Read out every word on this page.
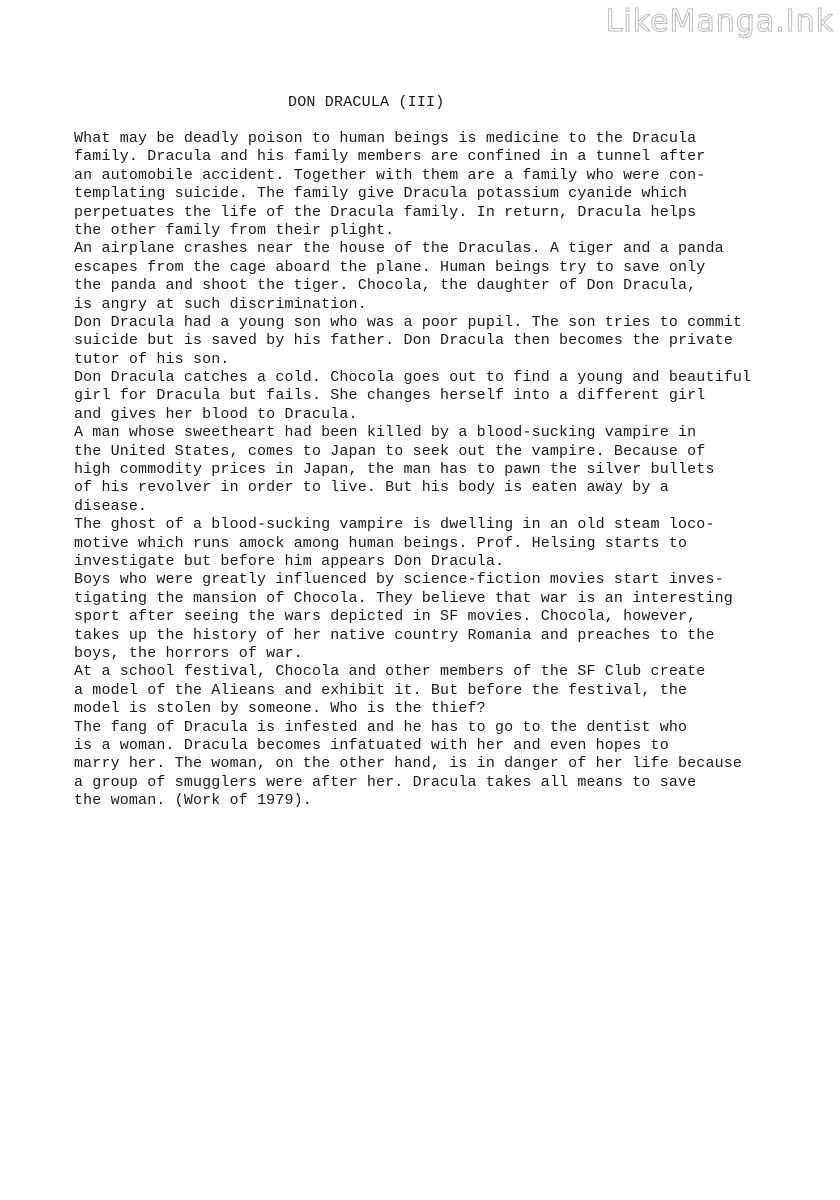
LikeManga.Ink
DON DRACULA (III)
What may be deadly poison to human beings is medicine to the Dracula
family. Dracula and his family members are confined in a tunnel after
an automobile accident. Together with them are a family who were con-
templating suicide. The family give Dracula potassium cyanide which
perpetuates the life of the Dracula family. In return, Dracula helps
the other family from their plight.
An airplane crashes near the house of the Draculas. A tiger and a panda
escapes from the cage aboard the plane. Human beings try to save only
the panda and shoot the tiger. Chocola, the daughter of Don Dracula,
is angry at such discrimination.
Don Dracula had a young son who was a poor pupil. The son tries to commit
suicide but is saved by his father. Don Dracula then becomes the private
tutor of his son.
Don Dracula catches a cold. Chocola goes out to find a young and beautiful
girl for Dracula but fails. She changes herself into a different girl
and gives her blood to Dracula.
A man whose sweetheart had been killed by a blood-sucking vampire in
the United States, comes to Japan to seek out the vampire. Because of
high commodity prices in Japan, the man has to pawn the silver bullets
of his revolver in order to live. But his body is eaten away by a
disease.
The ghost of a blood-sucking vampire is dwelling in an old steam loco-
motive which runs amock among human beings. Prof. Helsing starts to
investigate but before him appears Don Dracula.
Boys who were greatly influenced by science-fiction movies start inves-
tigating the mansion of Chocola. They believe that war is an interesting
sport after seeing the wars depicted in SF movies. Chocola, however,
takes up the history of her native country Romania and preaches to the
boys, the horrors of war.
At a school festival, Chocola and other members of the SF Club create
a model of the Alieans and exhibit it. But before the festival, the
model is stolen by someone. Who is the thief?
The fang of Dracula is infested and he has to go to the dentist who
is a woman. Dracula becomes infatuated with her and even hopes to
marry her. The woman, on the other hand, is in danger of her life because
a group of smugglers were after her. Dracula takes all means to save
the woman. (Work of 1979).
